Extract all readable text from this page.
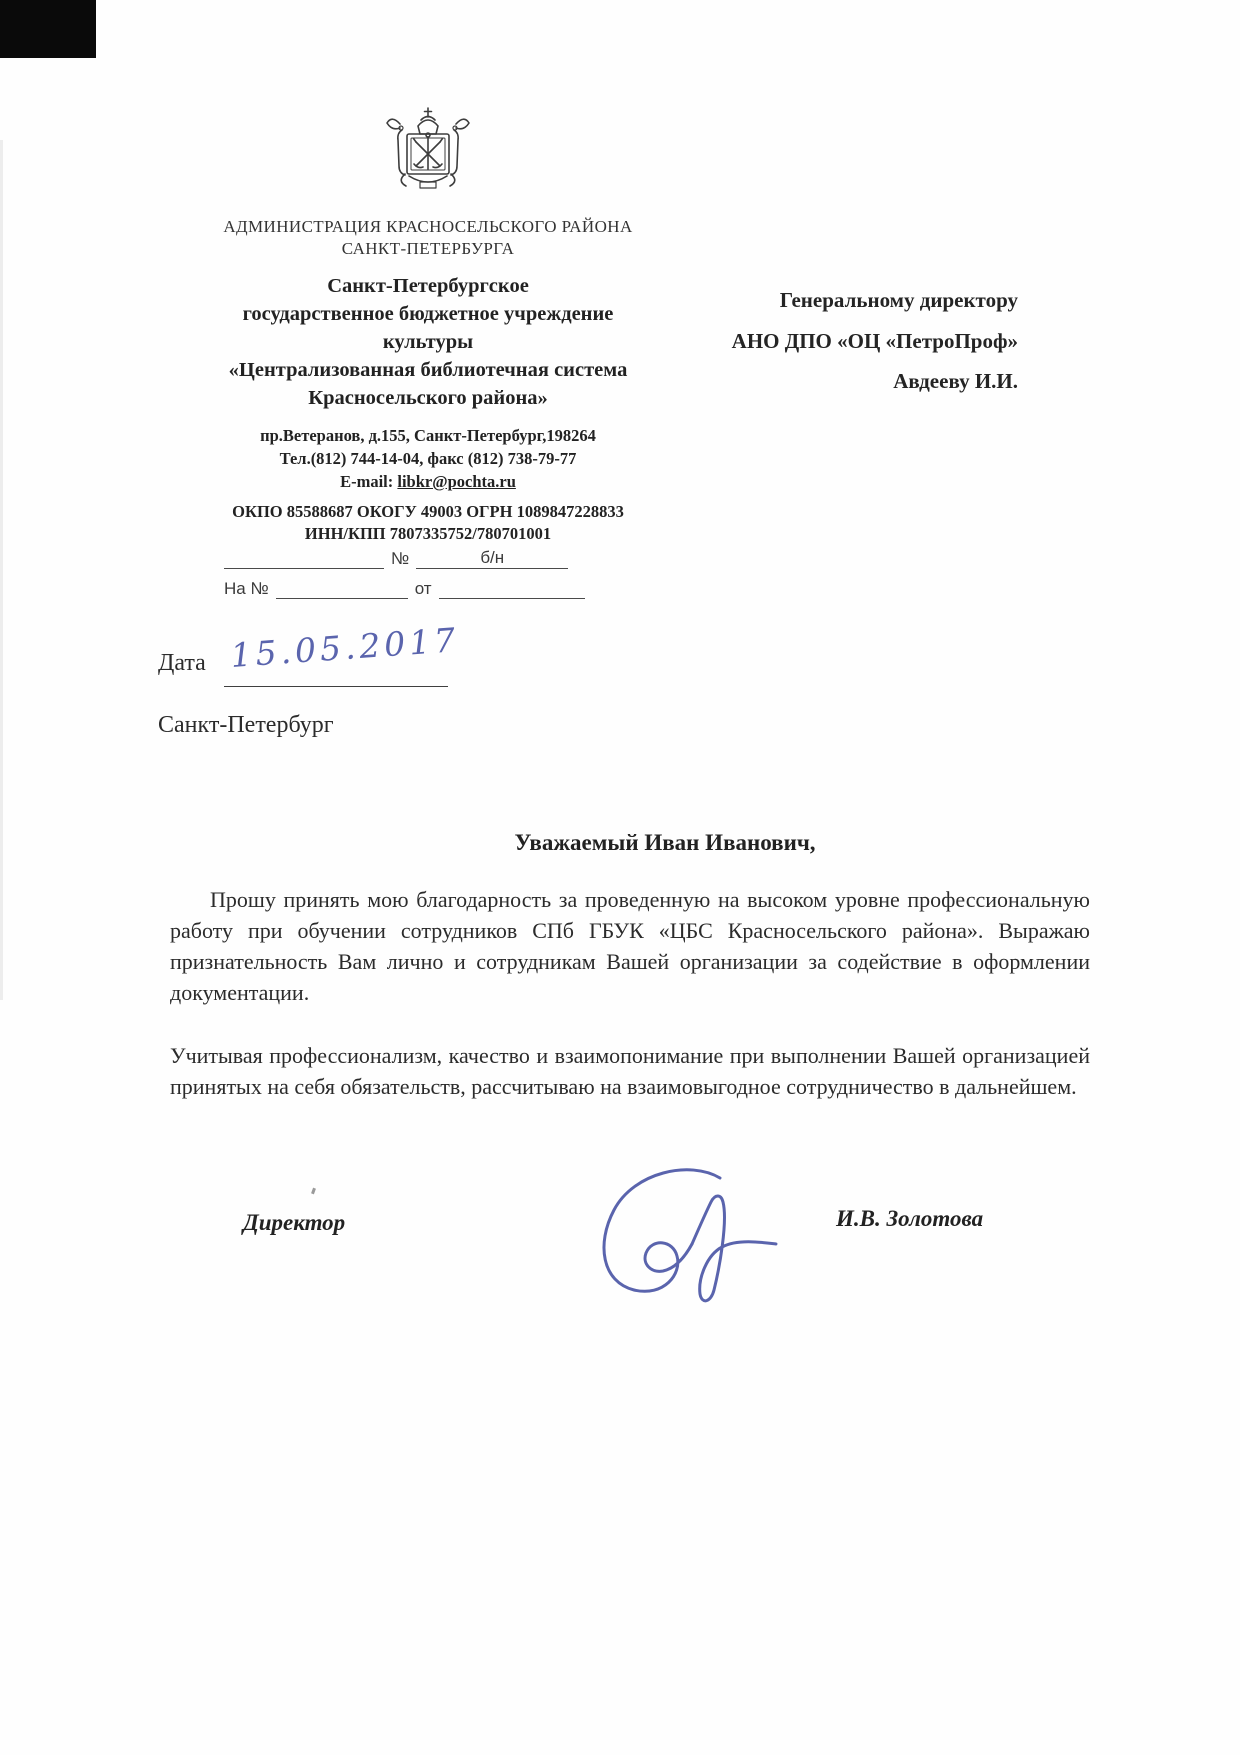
АДМИНИСТРАЦИЯ КРАСНОСЕЛЬСКОГО РАЙОНА
САНКТ-ПЕТЕРБУРГА
Санкт-Петербургское
государственное бюджетное учреждение
культуры
«Централизованная библиотечная система
Красносельского района»
пр.Ветеранов, д.155, Санкт-Петербург,198264
Тел.(812) 744-14-04, факс (812) 738-79-77
E-mail: libkr@pochta.ru
ОКПО 85588687 ОКОГУ 49003 ОГРН 1089847228833
ИНН/КПП 7807335752/780701001
№	б/н
На №	от
Генеральному директору
АНО ДПО «ОЦ «ПетроПроф»
Авдееву И.И.
Дата 15.05.2017
Санкт-Петербург
Уважаемый Иван Иванович,
Прошу принять мою благодарность за проведенную на высоком уровне профессиональную работу при обучении сотрудников СПб ГБУК «ЦБС Красносельского района». Выражаю признательность Вам лично и сотрудникам Вашей организации за содействие в оформлении документации.
Учитывая профессионализм, качество и взаимопонимание при выполнении Вашей организацией принятых на себя обязательств, рассчитываю на взаимовыгодное сотрудничество в дальнейшем.
Директор	И.В. Золотова
